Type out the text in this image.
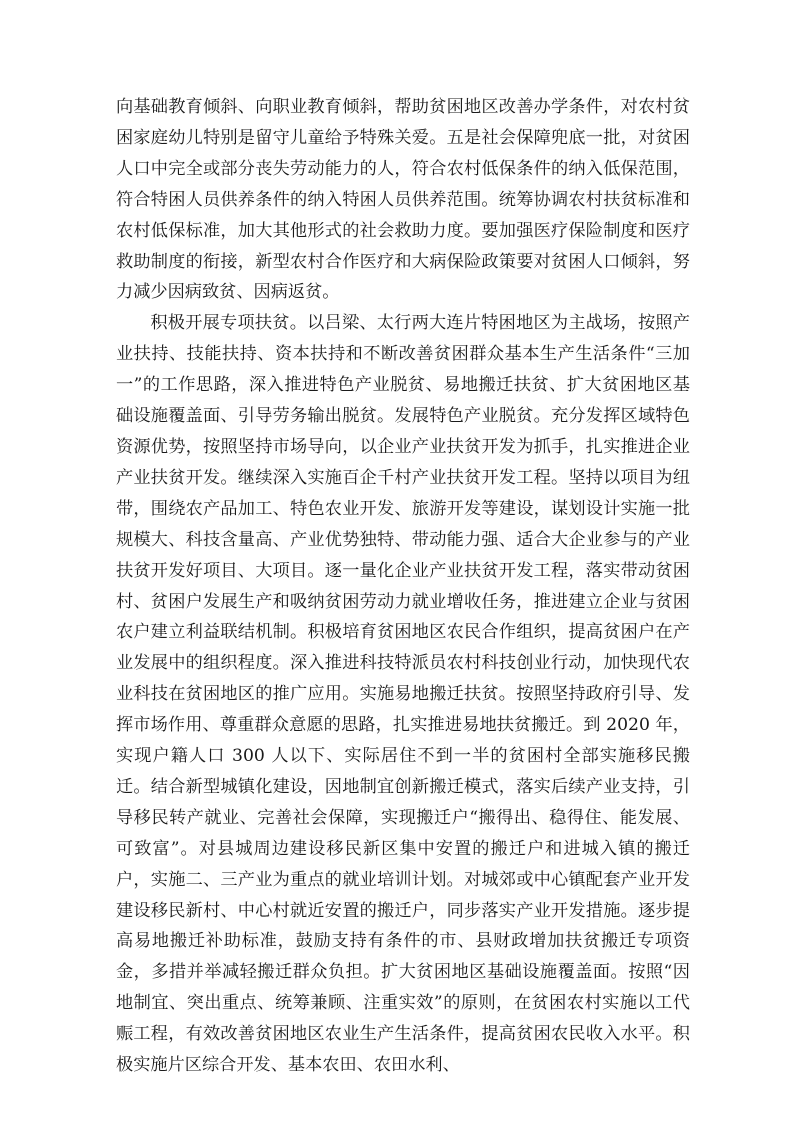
向基础教育倾斜、向职业教育倾斜，帮助贫困地区改善办学条件，对农村贫困家庭幼儿特别是留守儿童给予特殊关爱。五是社会保障兜底一批，对贫困人口中完全或部分丧失劳动能力的人，符合农村低保条件的纳入低保范围，符合特困人员供养条件的纳入特困人员供养范围。统筹协调农村扶贫标准和农村低保标准，加大其他形式的社会救助力度。要加强医疗保险制度和医疗救助制度的衔接，新型农村合作医疗和大病保险政策要对贫困人口倾斜，努力减少因病致贫、因病返贫。

积极开展专项扶贫。以吕梁、太行两大连片特困地区为主战场，按照产业扶持、技能扶持、资本扶持和不断改善贫困群众基本生产生活条件“三加一”的工作思路，深入推进特色产业脱贫、易地搬迁扶贫、扩大贫困地区基础设施覆盖面、引导劳务输出脱贫。发展特色产业脱贫。充分发挥区域特色资源优势，按照坚持市场导向，以企业产业扶贫开发为抓手，扎实推进企业产业扶贫开发。继续深入实施百企千村产业扶贫开发工程。坚持以项目为纽带，围绕农产品加工、特色农业开发、旅游开发等建设，谋划设计实施一批规模大、科技含量高、产业优势独特、带动能力强、适合大企业参与的产业扶贫开发好项目、大项目。逐一量化企业产业扶贫开发工程，落实带动贫困村、贫困户发展生产和吸纳贫困劳动力就业增收任务，推进建立企业与贫困农户建立利益联结机制。积极培育贫困地区农民合作组织，提高贫困户在产业发展中的组织程度。深入推进科技特派员农村科技创业行动，加快现代农业科技在贫困地区的推广应用。实施易地搬迁扶贫。按照坚持政府引导、发挥市场作用、尊重群众意愿的思路，扎实推进易地扶贫搬迁。到 2020 年，实现户籍人口 300 人以下、实际居住不到一半的贫困村全部实施移民搬迁。结合新型城镇化建设，因地制宜创新搬迁模式，落实后续产业支持，引导移民转产就业、完善社会保障，实现搬迁户“搬得出、稳得住、能发展、可致富”。对县城周边建设移民新区集中安置的搬迁户和进城入镇的搬迁户，实施二、三产业为重点的就业培训计划。对城郊或中心镇配套产业开发建设移民新村、中心村就近安置的搬迁户，同步落实产业开发措施。逐步提高易地搬迁补助标准，鼓励支持有条件的市、县财政增加扶贫搬迁专项资金，多措并举减轻搬迁群众负担。扩大贫困地区基础设施覆盖面。按照“因地制宜、突出重点、统筹兼顾、注重实效”的原则，在贫困农村实施以工代赈工程，有效改善贫困地区农业生产生活条件，提高贫困农民收入水平。积极实施片区综合开发、基本农田、农田水利、
